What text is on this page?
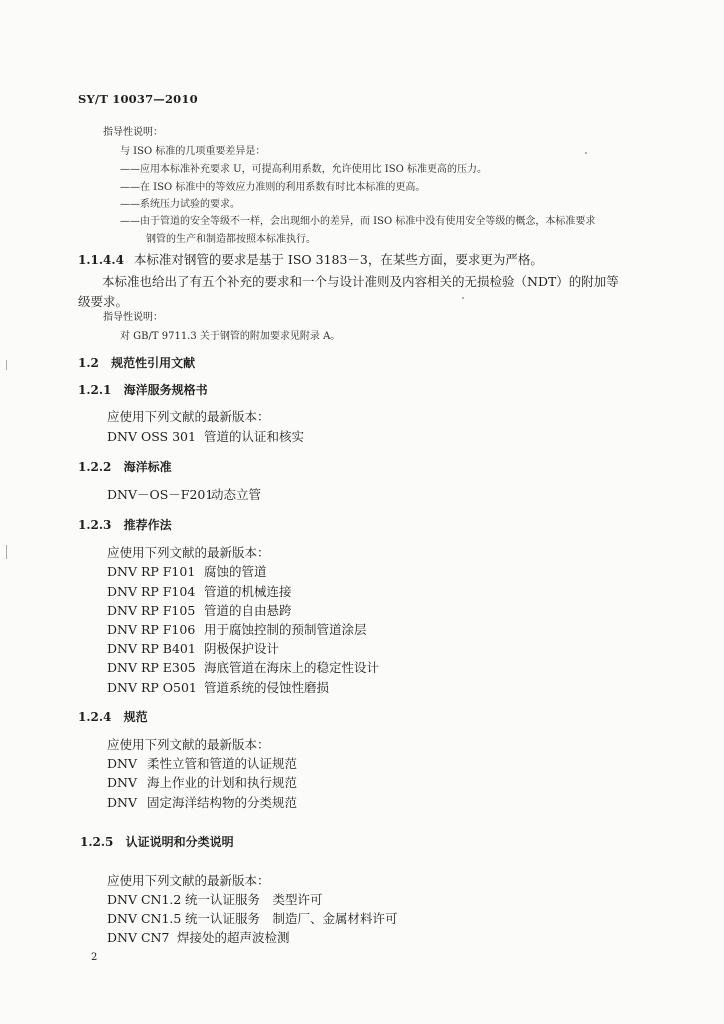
SY/T 10037—2010
指导性说明：
与 ISO 标准的几项重要差异是：
——应用本标准补充要求 U，可提高利用系数，允许使用比 ISO 标准更高的压力。
——在 ISO 标准中的等效应力准则的利用系数有时比本标准的更高。
——系统压力试验的要求。
——由于管道的安全等级不一样，会出现细小的差异，而 ISO 标准中没有使用安全等级的概念，本标准要求
钢管的生产和制造都按照本标准执行。
1.1.4.4 本标准对钢管的要求是基于 ISO 3183－3，在某些方面，要求更为严格。
本标准也给出了有五个补充的要求和一个与设计准则及内容相关的无损检验（NDT）的附加等
级要求。
指导性说明：
对 GB/T 9711.3 关于钢管的附加要求见附录 A。
1.2 规范性引用文献
1.2.1 海洋服务规格书
应使用下列文献的最新版本：
DNV OSS 301 管道的认证和核实
1.2.2 海洋标准
DNV－OS－F201动态立管
1.2.3 推荐作法
应使用下列文献的最新版本：
DNV RP F101 腐蚀的管道
DNV RP F104 管道的机械连接
DNV RP F105 管道的自由悬跨
DNV RP F106 用于腐蚀控制的预制管道涂层
DNV RP B401 阴极保护设计
DNV RP E305 海底管道在海床上的稳定性设计
DNV RP O501 管道系统的侵蚀性磨损
1.2.4 规范
应使用下列文献的最新版本：
DNV 柔性立管和管道的认证规范
DNV 海上作业的计划和执行规范
DNV 固定海洋结构物的分类规范
1.2.5 认证说明和分类说明
应使用下列文献的最新版本：
DNV CN1.2 统一认证服务　类型许可
DNV CN1.5 统一认证服务　制造厂、金属材料许可
DNV CN7 焊接处的超声波检测
2
